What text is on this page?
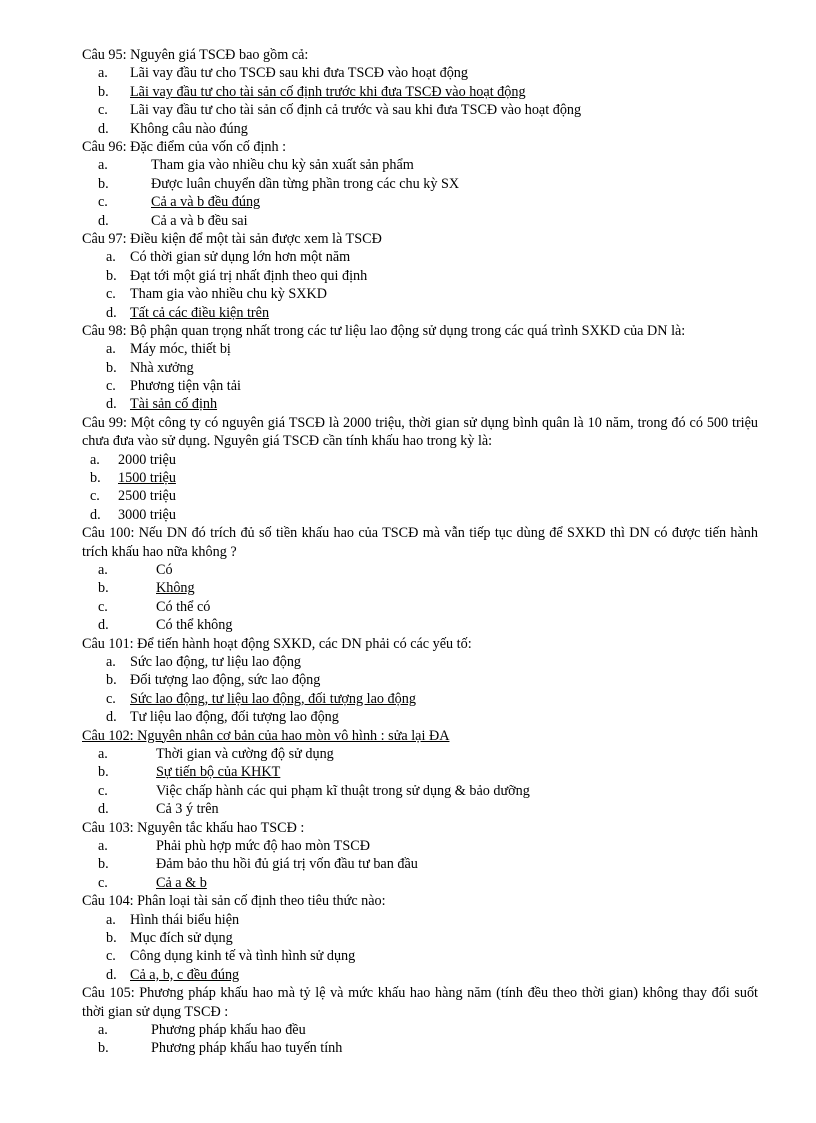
Câu 95: Nguyên giá TSCĐ bao gồm cả:
a. Lãi vay đầu tư cho TSCĐ sau khi đưa TSCĐ vào hoạt động
b. Lãi vay đầu tư cho tài sản cố định trước khi đưa TSCĐ vào hoạt động
c. Lãi vay đầu tư cho tài sản cố định cả trước và sau khi đưa TSCĐ vào hoạt động
d. Không câu nào đúng
Câu 96: Đặc điểm của vốn cố định :
a.	Tham gia vào nhiều chu kỳ sản xuất sản phẩm
b.	Được luân chuyển dần từng phần trong các chu kỳ SX
c.	Cả a và b đều đúng
d.	Cả a và b đều sai
Câu 97: Điều kiện để một tài sản được xem là TSCĐ
a. Có thời gian sử dụng lớn hơn một năm
b. Đạt tới một giá trị nhất định theo qui định
c. Tham gia vào nhiều chu kỳ SXKD
d. Tất cả các điều kiện trên
Câu 98: Bộ phận quan trọng nhất trong các tư liệu lao động sử dụng trong các quá trình SXKD của DN là:
a. Máy móc, thiết bị
b. Nhà xưởng
c. Phương tiện vận tải
d. Tài sản cố định
Câu 99: Một công ty có nguyên giá TSCĐ là 2000 triệu, thời gian sử dụng bình quân là 10 năm, trong đó có 500 triệu chưa đưa vào sử dụng. Nguyên giá TSCĐ cần tính khấu hao trong kỳ là:
a. 2000 triệu
b. 1500 triệu
c. 2500 triệu
d. 3000 triệu
Câu 100: Nếu DN đó trích đủ số tiền khấu hao của TSCĐ mà vẫn tiếp tục dùng để SXKD thì DN có được tiến hành trích khấu hao nữa không ?
a.	Có
b.	Không
c.	Có thể có
d.	Có thể không
Câu 101: Để tiến hành hoạt động SXKD, các DN phải có các yếu tố:
a. Sức lao động, tư liệu lao động
b. Đối tượng lao động, sức lao động
c. Sức lao động, tư liệu lao động, đối tượng lao động
d. Tư liệu lao động, đối tượng lao động
Câu 102: Nguyên nhân cơ bản của hao mòn vô hình : sửa lại ĐA
a.	Thời gian và cường độ sử dụng
b.	Sự tiến bộ của KHKT
c.	Việc chấp hành các qui phạm kĩ thuật trong sử dụng & bảo dưỡng
d.	Cả 3 ý trên
Câu 103: Nguyên tắc khấu hao TSCĐ :
a.	Phải phù hợp mức độ hao mòn TSCĐ
b.	Đảm bảo thu hồi đủ giá trị vốn đầu tư ban đầu
c.	Cả a & b
Câu 104: Phân loại tài sản cố định theo tiêu thức nào:
a. Hình thái biểu hiện
b. Mục đích sử dụng
c. Công dụng kinh tế và tình hình sử dụng
d. Cả a, b, c đều đúng
Câu 105: Phương pháp khấu hao mà tỷ lệ và mức khấu hao hàng năm (tính đều theo thời gian) không thay đổi suốt thời gian sử dụng TSCĐ :
a.	Phương pháp khấu hao đều
b.	Phương pháp khấu hao tuyến tính
